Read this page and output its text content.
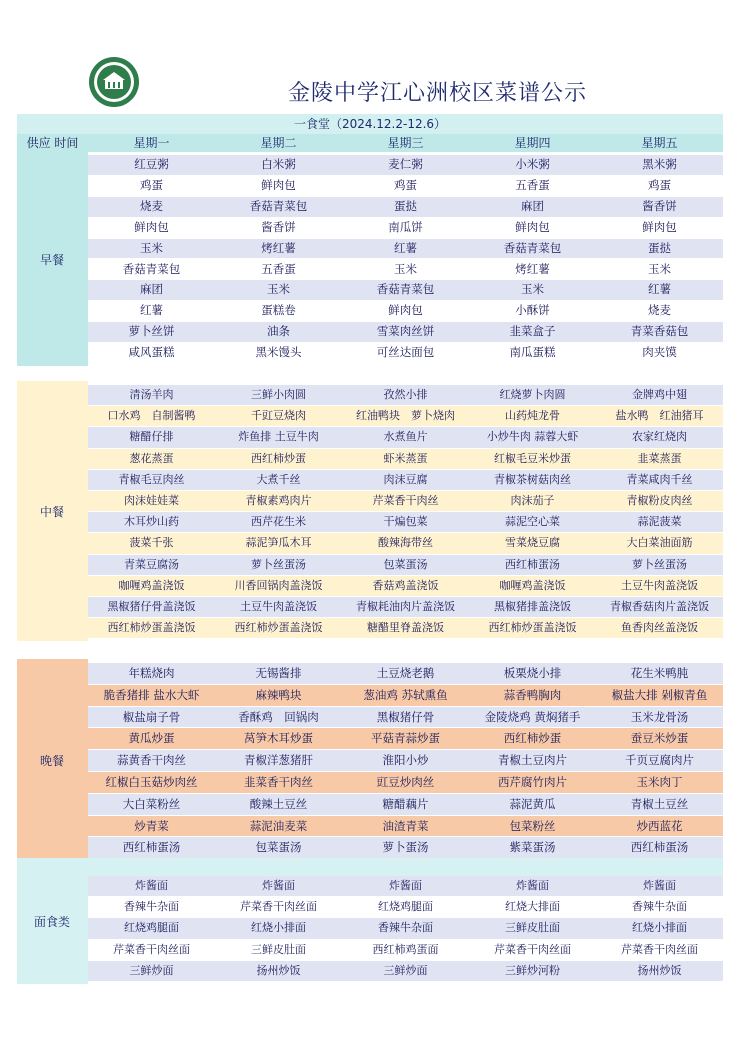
金陵中学江心洲校区菜谱公示
一食堂（2024.12.2-12.6）
供应 时间	星期一	星期二	星期三	星期四	星期五
早餐
红豆粥	白米粥	麦仁粥	小米粥	黑米粥
鸡蛋	鲜肉包	鸡蛋	五香蛋	鸡蛋
烧麦	香菇青菜包	蛋挞	麻团	酱香饼
鲜肉包	酱香饼	南瓜饼	鲜肉包	鲜肉包
玉米	烤红薯	红薯	香菇青菜包	蛋挞
香菇青菜包	五香蛋	玉米	烤红薯	玉米
麻团	玉米	香菇青菜包	玉米	红薯
红薯	蛋糕卷	鲜肉包	小酥饼	烧麦
萝卜丝饼	油条	雪菜肉丝饼	韭菜盒子	青菜香菇包
咸风蛋糕	黑米馒头	可丝达面包	南瓜蛋糕	肉夹馍
中餐
清汤羊肉	三鲜小肉圆	孜然小排	红烧萝卜肉圆	金牌鸡中翅
口水鸡　自制酱鸭	千豇豆烧肉	红油鸭块　萝卜烧肉	山药炖龙骨	盐水鸭　红油猪耳
糖醋仔排	炸鱼排 土豆牛肉	水煮鱼片	小炒牛肉 蒜蓉大虾	农家红烧肉
葱花蒸蛋	西红柿炒蛋	虾米蒸蛋	红椒毛豆米炒蛋	韭菜蒸蛋
青椒毛豆肉丝	大煮千丝	肉沫豆腐	青椒茶树菇肉丝	青菜咸肉千丝
肉沫娃娃菜	青椒素鸡肉片	芹菜香干肉丝	肉沫茄子	青椒粉皮肉丝
木耳炒山药	西芹花生米	干煸包菜	蒜泥空心菜	蒜泥菠菜
菠菜千张	蒜泥笋瓜木耳	酸辣海带丝	雪菜烧豆腐	大白菜油面筋
青菜豆腐汤	萝卜丝蛋汤	包菜蛋汤	西红柿蛋汤	萝卜丝蛋汤
咖喱鸡盖浇饭	川香回锅肉盖浇饭	香菇鸡盖浇饭	咖喱鸡盖浇饭	土豆牛肉盖浇饭
黑椒猪仔骨盖浇饭	土豆牛肉盖浇饭	青椒耗油肉片盖浇饭	黑椒猪排盖浇饭	青椒香菇肉片盖浇饭
西红柿炒蛋盖浇饭	西红柿炒蛋盖浇饭	糖醋里脊盖浇饭	西红柿炒蛋盖浇饭	鱼香肉丝盖浇饭
晚餐
年糕烧肉	无锡酱排	土豆烧老鹅	板栗烧小排	花生米鸭肫
脆香猪排 盐水大虾	麻辣鸭块	葱油鸡 苏轼熏鱼	蒜香鸭胸肉	椒盐大排 剁椒青鱼
椒盐扇子骨	香酥鸡　回锅肉	黑椒猪仔骨	金陵烧鸡 黄焖猪手	玉米龙骨汤
黄瓜炒蛋	莴笋木耳炒蛋	平菇青蒜炒蛋	西红柿炒蛋	蚕豆米炒蛋
蒜黄香干肉丝	青椒洋葱猪肝	淮阳小炒	青椒土豆肉片	千页豆腐肉片
红椒白玉菇炒肉丝	韭菜香干肉丝	豇豆炒肉丝	西芹腐竹肉片	玉米肉丁
大白菜粉丝	酸辣土豆丝	糖醋藕片	蒜泥黄瓜	青椒土豆丝
炒青菜	蒜泥油麦菜	油渣青菜	包菜粉丝	炒西蓝花
西红柿蛋汤	包菜蛋汤	萝卜蛋汤	紫菜蛋汤	西红柿蛋汤
面食类
炸酱面	炸酱面	炸酱面	炸酱面	炸酱面
香辣牛杂面	芹菜香干肉丝面	红烧鸡腿面	红烧大排面	香辣牛杂面
红烧鸡腿面	红烧小排面	香辣牛杂面	三鲜皮肚面	红烧小排面
芹菜香干肉丝面	三鲜皮肚面	西红柿鸡蛋面	芹菜香干肉丝面	芹菜香干肉丝面
三鲜炒面	扬州炒饭	三鲜炒面	三鲜炒河粉	扬州炒饭
